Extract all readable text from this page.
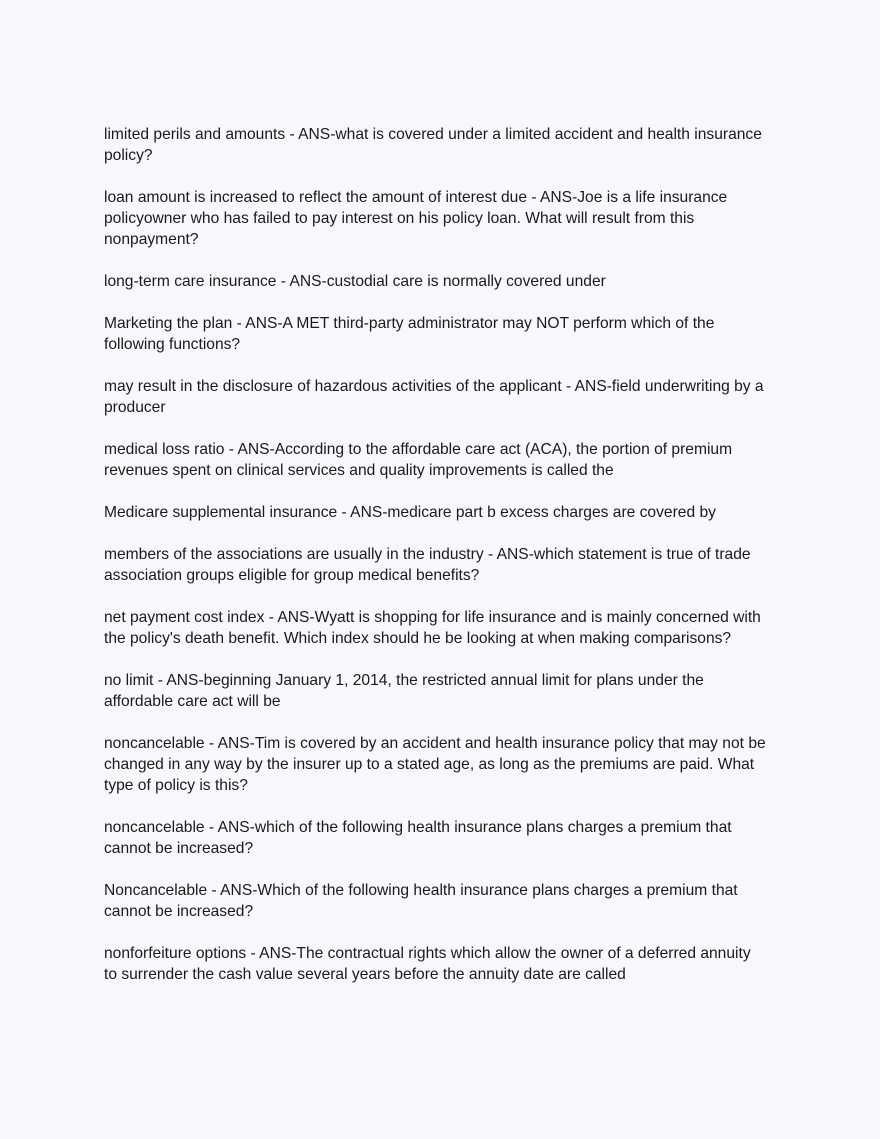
limited perils and amounts - ANS-what is covered under a limited accident and health insurance
policy?

loan amount is increased to reflect the amount of interest due - ANS-Joe is a life insurance
policyowner who has failed to pay interest on his policy loan. What will result from this
nonpayment?

long-term care insurance - ANS-custodial care is normally covered under

Marketing the plan - ANS-A MET third-party administrator may NOT perform which of the
following functions?

may result in the disclosure of hazardous activities of the applicant - ANS-field underwriting by a
producer

medical loss ratio - ANS-According to the affordable care act (ACA), the portion of premium
revenues spent on clinical services and quality improvements is called the

Medicare supplemental insurance - ANS-medicare part b excess charges are covered by

members of the associations are usually in the industry - ANS-which statement is true of trade
association groups eligible for group medical benefits?

net payment cost index - ANS-Wyatt is shopping for life insurance and is mainly concerned with
the policy's death benefit. Which index should he be looking at when making comparisons?

no limit - ANS-beginning January 1, 2014, the restricted annual limit for plans under the
affordable care act will be

noncancelable - ANS-Tim is covered by an accident and health insurance policy that may not be
changed in any way by the insurer up to a stated age, as long as the premiums are paid. What
type of policy is this?

noncancelable - ANS-which of the following health insurance plans charges a premium that
cannot be increased?

Noncancelable - ANS-Which of the following health insurance plans charges a premium that
cannot be increased?

nonforfeiture options - ANS-The contractual rights which allow the owner of a deferred annuity
to surrender the cash value several years before the annuity date are called
